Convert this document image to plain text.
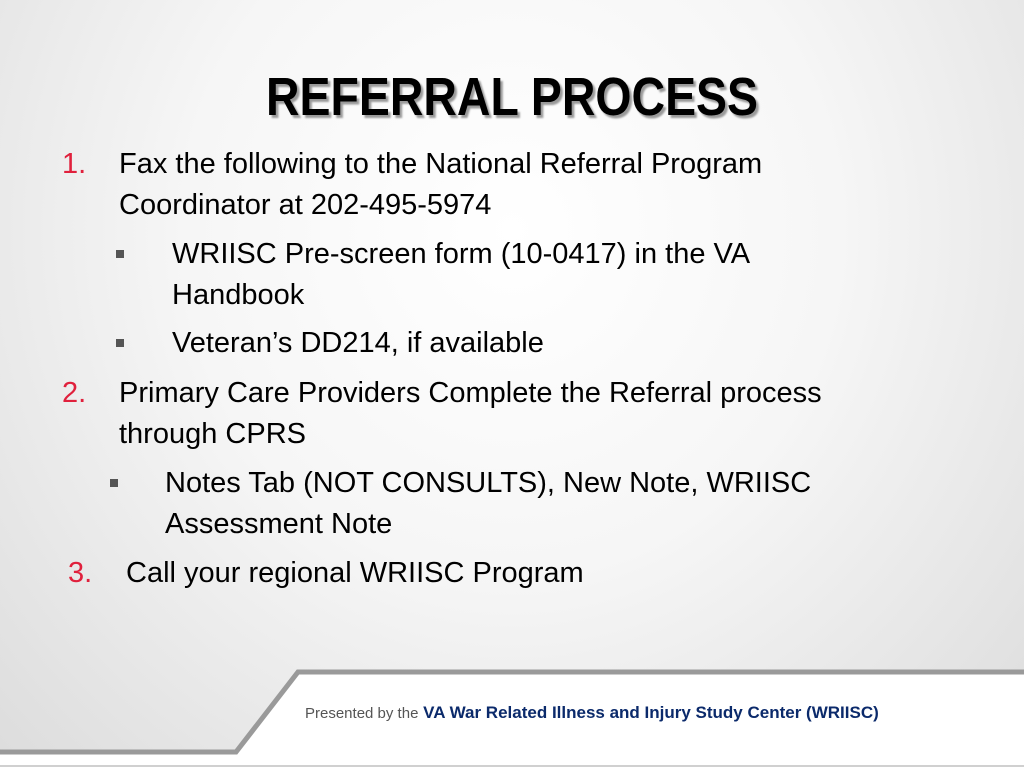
REFERRAL PROCESS
1. Fax the following to the National Referral Program
Coordinator at 202-495-5974
WRIISC Pre-screen form (10-0417) in the VA
Handbook
Veteran’s DD214, if available
2. Primary Care Providers Complete the Referral process
through CPRS
Notes Tab (NOT CONSULTS), New Note, WRIISC
Assessment Note
3. Call your regional WRIISC Program
Presented by the VA War Related Illness and Injury Study Center (WRIISC)
